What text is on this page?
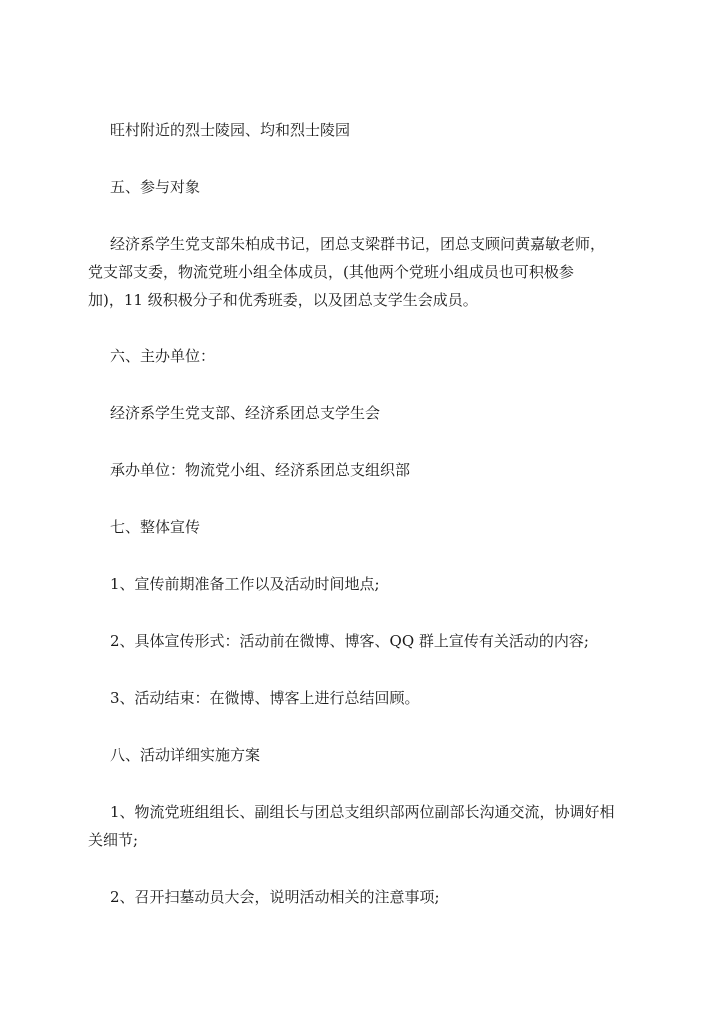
旺村附近的烈士陵园、均和烈士陵园

五、参与对象

经济系学生党支部朱柏成书记，团总支梁群书记，团总支顾问黄嘉敏老师，
党支部支委，物流党班小组全体成员，(其他两个党班小组成员也可积极参
加)，11 级积极分子和优秀班委，以及团总支学生会成员。

六、主办单位：

经济系学生党支部、经济系团总支学生会

承办单位：物流党小组、经济系团总支组织部

七、整体宣传

1、宣传前期准备工作以及活动时间地点;

2、具体宣传形式：活动前在微博、博客、QQ 群上宣传有关活动的内容;

3、活动结束：在微博、博客上进行总结回顾。

八、活动详细实施方案

1、物流党班组组长、副组长与团总支组织部两位副部长沟通交流，协调好相
关细节;

2、召开扫墓动员大会，说明活动相关的注意事项;
